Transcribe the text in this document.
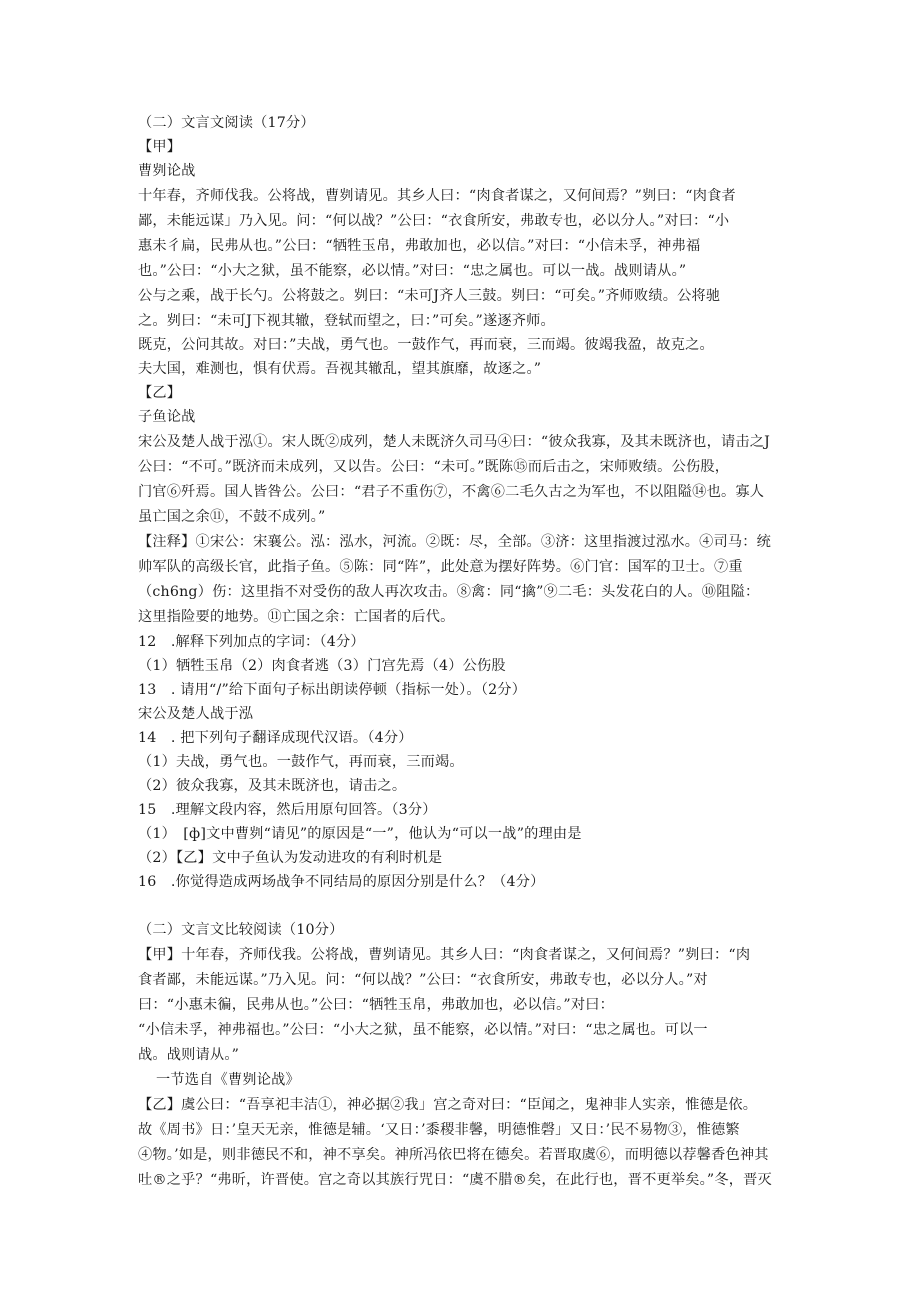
（二）文言文阅读（17分）
【甲】
曹刿论战
十年春，齐师伐我。公将战，曹刿请见。其乡人曰：“肉食者谋之，又何间焉？”刿曰：“肉食者
鄙，未能远谋」乃入见。问：“何以战？”公曰：“衣食所安，弗敢专也，必以分人。”对曰：“小
惠未彳扁，民弗从也。”公曰：“牺牲玉帛，弗敢加也，必以信。”对曰：“小信未孚，神弗福
也。”公曰：“小大之狱，虽不能察，必以情。”对曰：“忠之属也。可以一战。战则请从。”
公与之乘，战于长勺。公将鼓之。刿曰：“未可J齐人三鼓。刿曰：“可矣。”齐师败绩。公将驰
之。刿曰：“未可J下视其辙，登轼而望之，曰：”可矣。”遂逐齐师。
既克，公问其故。对曰：”夫战，勇气也。一鼓作气，再而衰，三而竭。彼竭我盈，故克之。
夫大国，难测也，惧有伏焉。吾视其辙乱，望其旗靡，故逐之。”
【乙】
子鱼论战
宋公及楚人战于泓①。宋人既②成列，楚人未既济久司马④曰：“彼众我寡，及其未既济也，请击之J
公曰：“不可。”既济而未成列，又以告。公曰：“未可。”既陈⑮而后击之，宋师败绩。公伤股，
门官⑥歼焉。国人皆咎公。公曰：“君子不重伤⑦，不禽⑥二毛久古之为军也，不以阻隘⑭也。寡人
虽亡国之余⑪，不鼓不成列。”
【注释】①宋公：宋襄公。泓：泓水，河流。②既：尽，全部。③济：这里指渡过泓水。④司马：统
帅军队的高级长官，此指子鱼。⑤陈：同“阵”，此处意为摆好阵势。⑥门官：国军的卫士。⑦重
（ch6ng）伤：这里指不对受伤的敌人再次攻击。⑧禽：同“擒”⑨二毛：头发花白的人。⑩阻隘：
这里指险要的地势。⑪亡国之余：亡国者的后代。
12　.解释下列加点的字词：（4分）
（1）牺牲玉帛（2）肉食者逃（3）门宫先焉（4）公伤股
13　. 请用“/”给下面句子标出朗读停顿（指标一处）。（2分）
宋公及楚人战于泓
14　. 把下列句子翻译成现代汉语。（4分）
（1）夫战，勇气也。一鼓作气，再而衰，三而竭。
（2）彼众我寡，及其未既济也，请击之。
15　.理解文段内容，然后用原句回答。（3分）
（1）　[ф]文中曹刿“请见”的原因是“一”，他认为“可以一战”的理由是
（2）【乙】文中子鱼认为发动进攻的有利时机是
16　.你觉得造成两场战争不同结局的原因分别是什么？（4分）
（二）文言文比较阅读（10分）
【甲】十年春，齐师伐我。公将战，曹刿请见。其乡人曰：“肉食者谋之，又何间焉？”刿曰：“肉
食者鄙，未能远谋。”乃入见。问：“何以战？”公曰：“衣食所安，弗敢专也，必以分人。”对
曰：“小惠未徧，民弗从也。”公曰：“牺牲玉帛，弗敢加也，必以信。”对曰：
“小信未孚，神弗福也。”公曰：“小大之狱，虽不能察，必以情。”对曰：“忠之属也。可以一
战。战则请从。”
一节选自《曹刿论战》
【乙】虞公曰：“吾享祀丰洁①，神必据②我」宫之奇对曰：“臣闻之，鬼神非人实亲，惟德是依。
故《周书》日：’皇天无亲，惟德是辅。‘又日：’黍稷非馨，明德惟磬」又日：’民不易物③，惟德繁
④物。’如是，则非德民不和，神不享矣。神所冯依巴将在德矣。若晋取虞⑥，而明德以荐馨香色神其
吐®之乎？“弗昕，许晋使。宫之奇以其族行咒日：“虞不腊®矣，在此行也，晋不更举矣。”冬，晋灭
